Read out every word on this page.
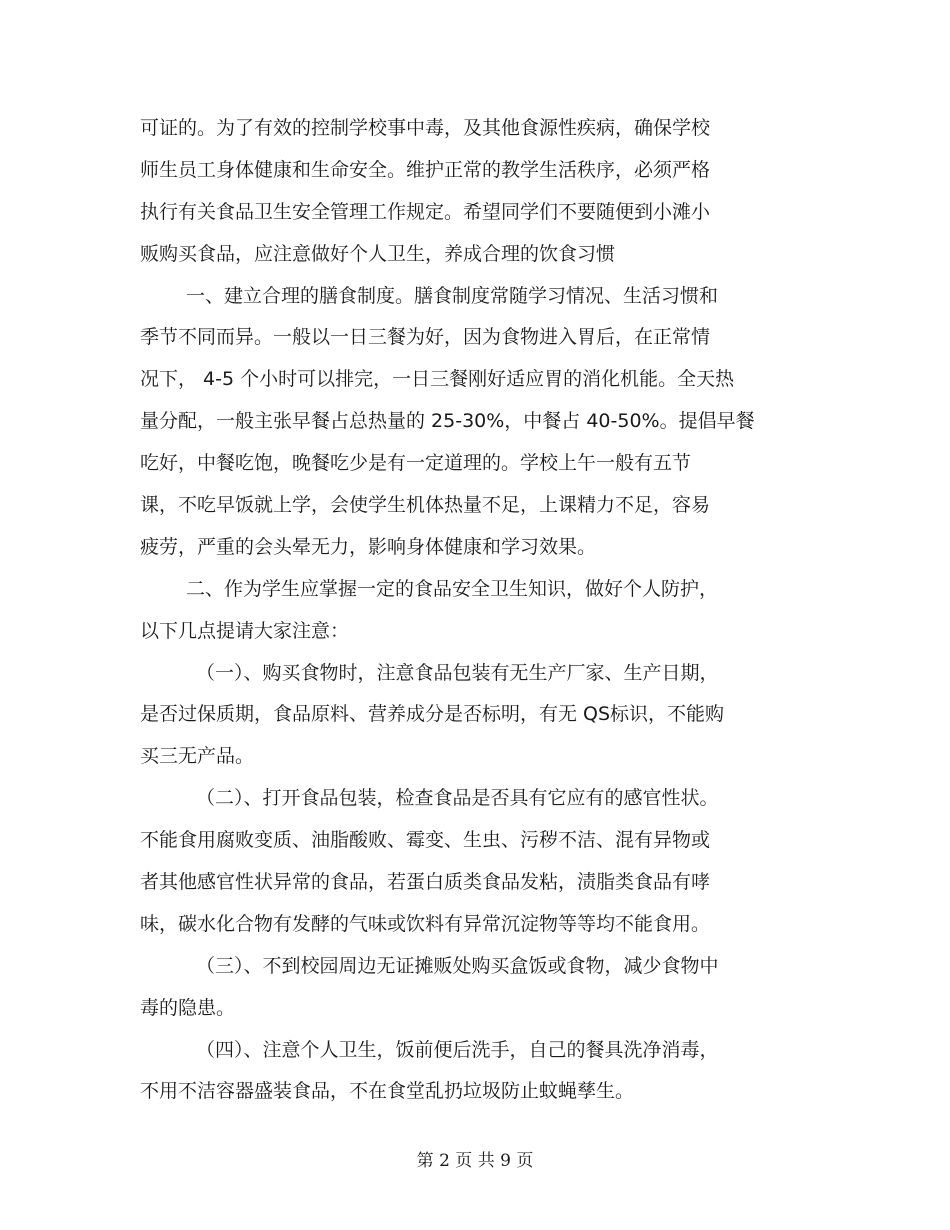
可证的。为了有效的控制学校事中毒，及其他食源性疾病，确保学校
师生员工身体健康和生命安全。维护正常的教学生活秩序，必须严格
执行有关食品卫生安全管理工作规定。希望同学们不要随便到小滩小
贩购买食品，应注意做好个人卫生，养成合理的饮食习惯
一、建立合理的膳食制度。膳食制度常随学习情况、生活习惯和
季节不同而异。一般以一日三餐为好，因为食物进入胃后，在正常情
况下， 4-5 个小时可以排完，一日三餐刚好适应胃的消化机能。全天热
量分配，一般主张早餐占总热量的 25-30%，中餐占 40-50%。提倡早餐
吃好，中餐吃饱，晚餐吃少是有一定道理的。学校上午一般有五节
课，不吃早饭就上学，会使学生机体热量不足，上课精力不足，容易
疲劳，严重的会头晕无力，影响身体健康和学习效果。
二、作为学生应掌握一定的食品安全卫生知识，做好个人防护，
以下几点提请大家注意：
（一）、购买食物时，注意食品包装有无生产厂家、生产日期，
是否过保质期，食品原料、营养成分是否标明，有无 QS标识，不能购
买三无产品。
（二）、打开食品包装，检查食品是否具有它应有的感官性状。
不能食用腐败变质、油脂酸败、霉变、生虫、污秽不洁、混有异物或
者其他感官性状异常的食品，若蛋白质类食品发粘，渍脂类食品有哮
味，碳水化合物有发酵的气味或饮料有异常沉淀物等等均不能食用。
（三）、不到校园周边无证摊贩处购买盒饭或食物，减少食物中
毒的隐患。
（四）、注意个人卫生，饭前便后洗手，自己的餐具洗净消毒，
不用不洁容器盛装食品，不在食堂乱扔垃圾防止蚊蝇孳生。
第 2 页 共 9 页
